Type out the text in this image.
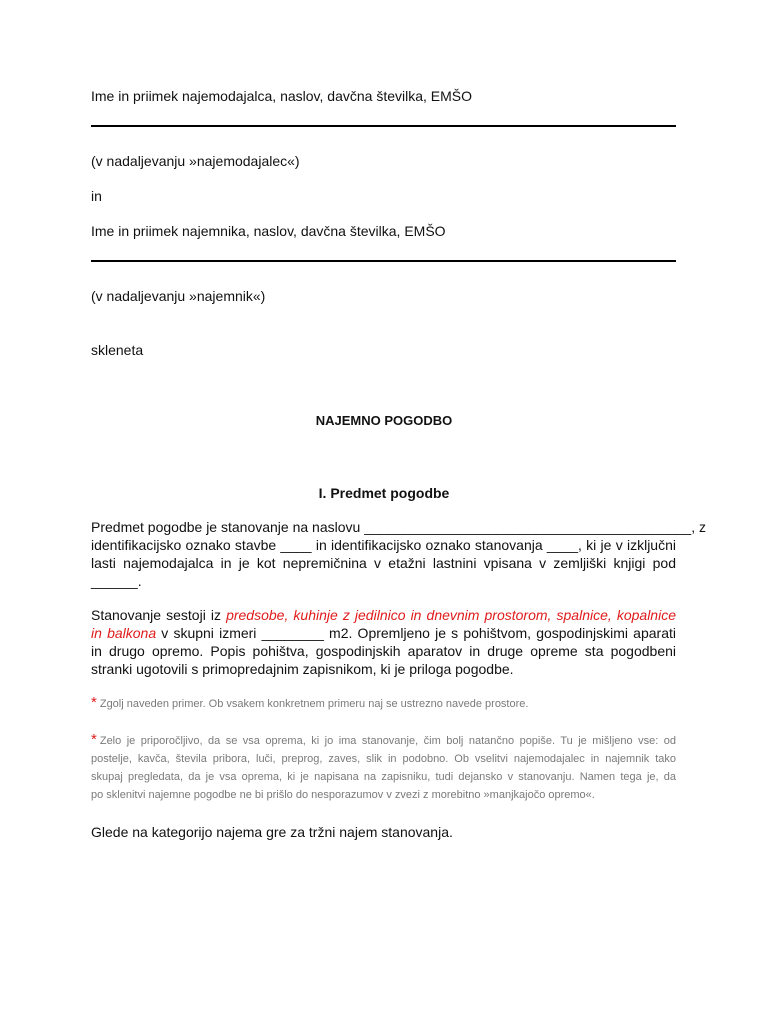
Ime in priimek najemodajalca, naslov, davčna številka, EMŠO
(v nadaljevanju »najemodajalec«)
in
Ime in priimek najemnika, naslov, davčna številka, EMŠO
(v nadaljevanju »najemnik«)
skleneta
NAJEMNO POGODBO
I. Predmet pogodbe
Predmet pogodbe je stanovanje na naslovu __________________________________________, z
identifikacijsko oznako stavbe ____ in identifikacijsko oznako stanovanja ____, ki je v izključni
lasti najemodajalca in je kot nepremičnina v etažni lastnini vpisana v zemljiški knjigi pod
______.
Stanovanje sestoji iz predsobe, kuhinje z jedilnico in dnevnim prostorom, spalnice, kopalnice
in balkona v skupni izmeri ________ m2. Opremljeno je s pohištvom, gospodinjskimi aparati
in drugo opremo. Popis pohištva, gospodinjskih aparatov in druge opreme sta pogodbeni
stranki ugotovili s primopredajnim zapisnikom, ki je priloga pogodbe.
* Zgolj naveden primer. Ob vsakem konkretnem primeru naj se ustrezno navede prostore.
* Zelo je priporočljivo, da se vsa oprema, ki jo ima stanovanje, čim bolj natančno popiše. Tu je mišljeno vse: od
postelje, kavča, števila pribora, luči, preprog, zaves, slik in podobno. Ob vselitvi najemodajalec in najemnik tako
skupaj pregledata, da je vsa oprema, ki je napisana na zapisniku, tudi dejansko v stanovanju. Namen tega je, da
po sklenitvi najemne pogodbe ne bi prišlo do nesporazumov v zvezi z morebitno »manjkajočo opremo«.
Glede na kategorijo najema gre za tržni najem stanovanja.
